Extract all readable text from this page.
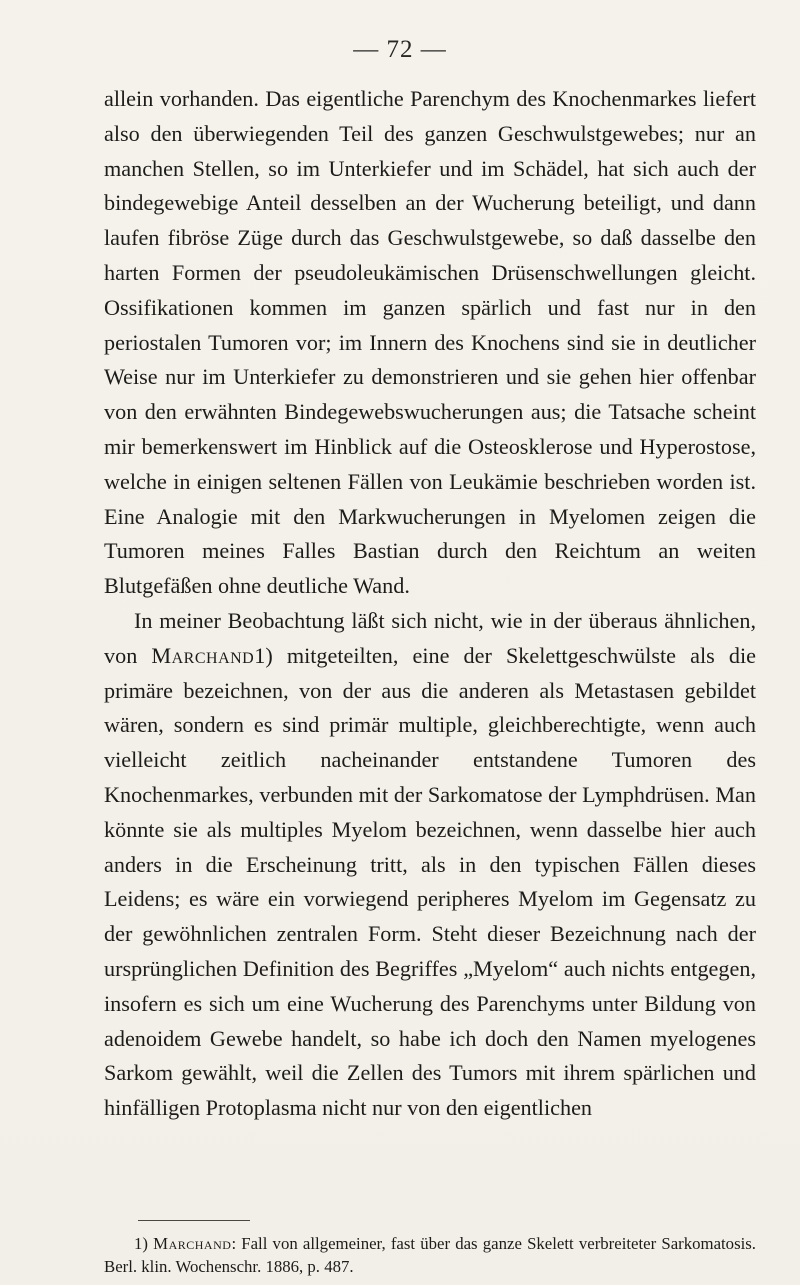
— 72 —

allein vorhanden. Das eigentliche Parenchym des Knochenmarkes liefert also den überwiegenden Teil des ganzen Geschwulstgewebes; nur an manchen Stellen, so im Unterkiefer und im Schädel, hat sich auch der bindegewebige Anteil desselben an der Wucherung beteiligt, und dann laufen fibröse Züge durch das Geschwulstgewebe, so daß dasselbe den harten Formen der pseudoleukämischen Drüsenschwellungen gleicht. Ossifikationen kommen im ganzen spärlich und fast nur in den periostalen Tumoren vor; im Innern des Knochens sind sie in deutlicher Weise nur im Unterkiefer zu demonstrieren und sie gehen hier offenbar von den erwähnten Bindegewebswucherungen aus; die Tatsache scheint mir bemerkenswert im Hinblick auf die Osteosklerose und Hyperostose, welche in einigen seltenen Fällen von Leukämie beschrieben worden ist. Eine Analogie mit den Markwucherungen in Myelomen zeigen die Tumoren meines Falles Bastian durch den Reichtum an weiten Blutgefäßen ohne deutliche Wand.

In meiner Beobachtung läßt sich nicht, wie in der überaus ähnlichen, von Marchand1) mitgeteilten, eine der Skelettgeschwülste als die primäre bezeichnen, von der aus die anderen als Metastasen gebildet wären, sondern es sind primär multiple, gleichberechtigte, wenn auch vielleicht zeitlich nacheinander entstandene Tumoren des Knochenmarkes, verbunden mit der Sarkomatose der Lymphdrüsen. Man könnte sie als multiples Myelom bezeichnen, wenn dasselbe hier auch anders in die Erscheinung tritt, als in den typischen Fällen dieses Leidens; es wäre ein vorwiegend peripheres Myelom im Gegensatz zu der gewöhnlichen zentralen Form. Steht dieser Bezeichnung nach der ursprünglichen Definition des Begriffes „Myelom“ auch nichts entgegen, insofern es sich um eine Wucherung des Parenchyms unter Bildung von adenoidem Gewebe handelt, so habe ich doch den Namen myelogenes Sarkom gewählt, weil die Zellen des Tumors mit ihrem spärlichen und hinfälligen Protoplasma nicht nur von den eigentlichen

1) Marchand: Fall von allgemeiner, fast über das ganze Skelett verbreiteter Sarkomatosis. Berl. klin. Wochenschr. 1886, p. 487.
